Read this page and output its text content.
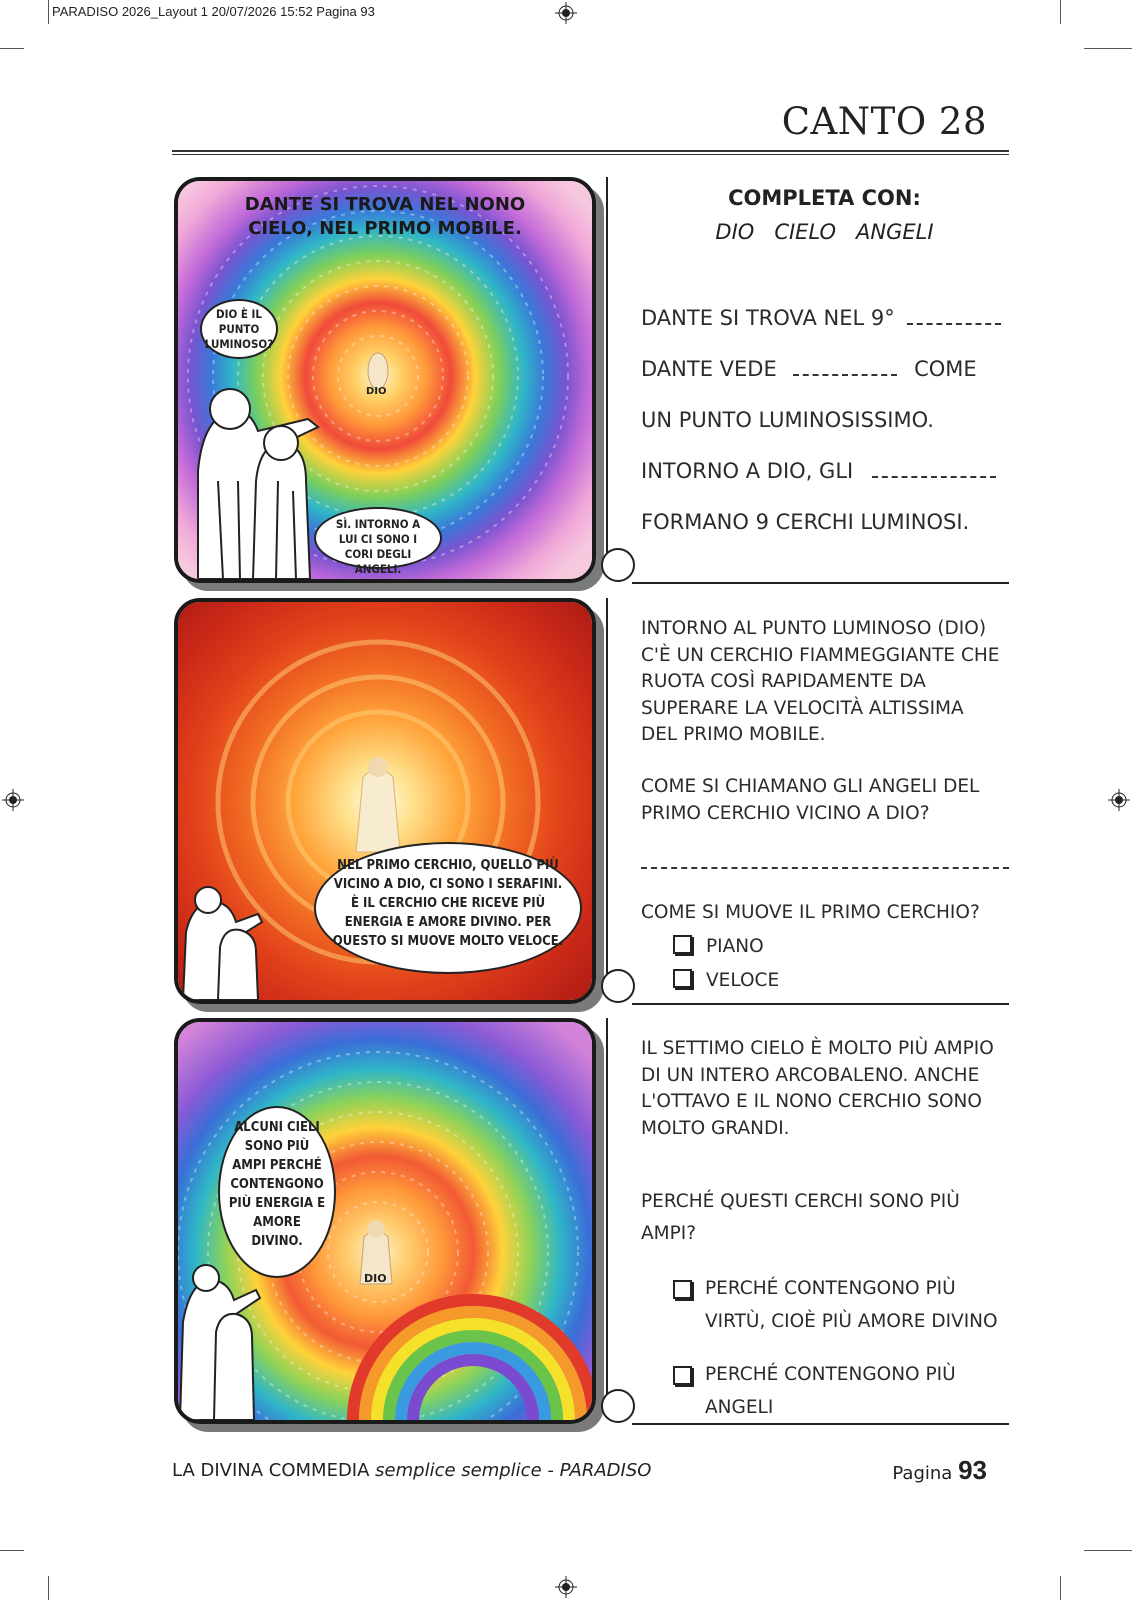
PARADISO 2026_Layout 1 20/07/2026 15:52 Pagina 93
CANTO 28
DANTE SI TROVA NEL NONO CIELO, NEL PRIMO MOBILE.
DIO
DIO È IL PUNTO LUMINOSO?
SÌ. INTORNO A LUI CI SONO I CORI DEGLI ANGELI.
NEL PRIMO CERCHIO, QUELLO PIÙ VICINO A DIO, CI SONO I SERAFINI. È IL CERCHIO CHE RICEVE PIÙ ENERGIA E AMORE DIVINO. PER QUESTO SI MUOVE MOLTO VELOCE.
ALCUNI CIELI SONO PIÙ AMPI PERCHÉ CONTENGONO PIÙ ENERGIA E AMORE DIVINO.
DIO
COMPLETA CON:
DIO   CIELO   ANGELI
DANTE SI TROVA NEL 9°
DANTE VEDE	COME
UN PUNTO LUMINOSISSIMO.
INTORNO A DIO, GLI
FORMANO 9 CERCHI LUMINOSI.
INTORNO AL PUNTO LUMINOSO (DIO) C'È UN CERCHIO FIAMMEGGIANTE CHE RUOTA COSÌ RAPIDAMENTE DA SUPERARE LA VELOCITÀ ALTISSIMA DEL PRIMO MOBILE.
COME SI CHIAMANO GLI ANGELI DEL PRIMO CERCHIO VICINO A DIO?
COME SI MUOVE IL PRIMO CERCHIO?
PIANO
VELOCE
IL SETTIMO CIELO È MOLTO PIÙ AMPIO DI UN INTERO ARCOBALENO. ANCHE L'OTTAVO E IL NONO CERCHIO SONO MOLTO GRANDI.
PERCHÉ QUESTI CERCHI SONO PIÙ AMPI?
PERCHÉ CONTENGONO PIÙ VIRTÙ, CIOÈ PIÙ AMORE DIVINO
PERCHÉ CONTENGONO PIÙ ANGELI
LA DIVINA COMMEDIA semplice semplice - PARADISO	Pagina 93
